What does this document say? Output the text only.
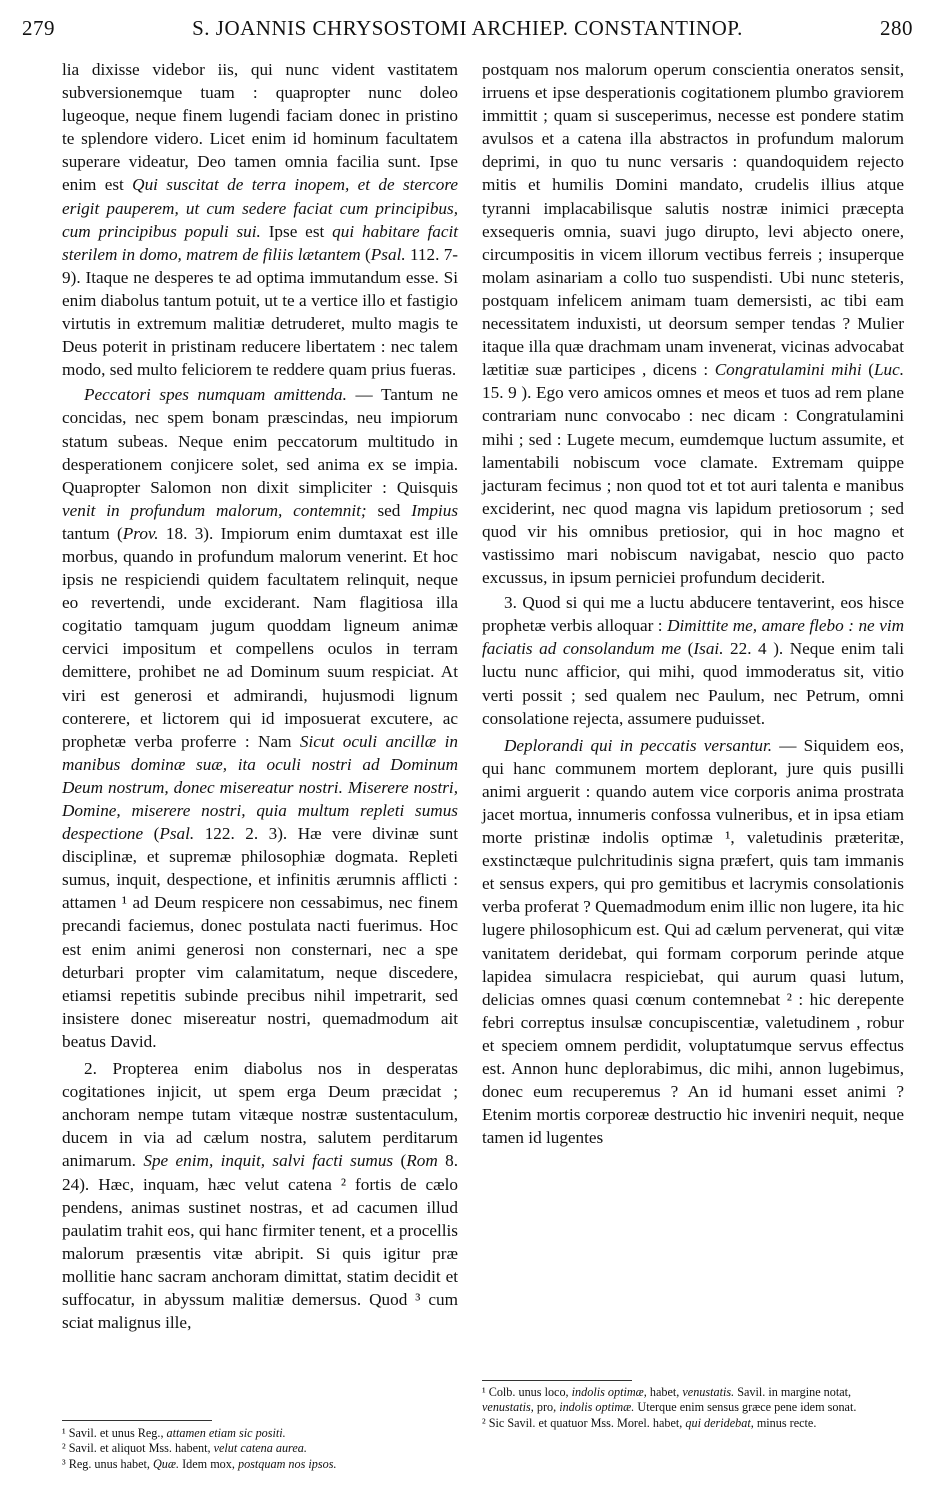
279	S. JOANNIS CHRYSOSTOMI ARCHIEP. CONSTANTINOP.	280

lia dixisse videbor iis, qui nunc vident vastitatem subversionemque tuam : quapropter nunc doleo lugeoque, neque finem lugendi faciam donec in pristino te splendore videro. Licet enim id hominum facultatem superare videatur, Deo tamen omnia facilia sunt. Ipse enim est Qui suscitat de terra inopem, et de stercore erigit pauperem, ut cum sedere faciat cum principibus, cum principibus populi sui. Ipse est qui habitare facit sterilem in domo, matrem de filiis lætantem (Psal. 112. 7-9). Itaque ne desperes te ad optima immutandum esse. Si enim diabolus tantum potuit, ut te a vertice illo et fastigio virtutis in extremum malitiæ detruderet, multo magis te Deus poterit in pristinam reducere libertatem : nec talem modo, sed multo feliciorem te reddere quam prius fueras.

Peccatori spes numquam amittenda. — Tantum ne concidas, nec spem bonam præscindas, neu impiorum statum subeas. Neque enim peccatorum multitudo in desperationem conjicere solet, sed anima ex se impia. Quapropter Salomon non dixit simpliciter : Quisquis venit in profundum malorum, contemnit; sed Impius tantum (Prov. 18. 3). Impiorum enim dumtaxat est ille morbus, quando in profundum malorum venerint. Et hoc ipsis ne respiciendi quidem facultatem relinquit, neque eo revertendi, unde exciderant. Nam flagitiosa illa cogitatio tamquam jugum quoddam ligneum animæ cervici impositum et compellens oculos in terram demittere, prohibet ne ad Dominum suum respiciat. At viri est generosi et admirandi, hujusmodi lignum conterere, et lictorem qui id imposuerat excutere, ac prophetæ verba proferre : Nam Sicut oculi ancillæ in manibus dominæ suæ, ita oculi nostri ad Dominum Deum nostrum, donec misereatur nostri. Miserere nostri, Domine, miserere nostri, quia multum repleti sumus despectione (Psal. 122. 2. 3). Hæ vere divinæ sunt disciplinæ, et supremæ philosophiæ dogmata. Repleti sumus, inquit, despectione, et infinitis ærumnis afflicti : attamen ¹ ad Deum respicere non cessabimus, nec finem precandi faciemus, donec postulata nacti fuerimus. Hoc est enim animi generosi non consternari, nec a spe deturbari propter vim calamitatum, neque discedere, etiamsi repetitis subinde precibus nihil impetrarit, sed insistere donec misereatur nostri, quemadmodum ait beatus David.

2. Propterea enim diabolus nos in desperatas cogitationes injicit, ut spem erga Deum præcidat ; anchoram nempe tutam vitæque nostræ sustentaculum, ducem in via ad cælum nostra, salutem perditarum animarum. Spe enim, inquit, salvi facti sumus (Rom 8. 24). Hæc, inquam, hæc velut catena ² fortis de cælo pendens, animas sustinet nostras, et ad cacumen illud paulatim trahit eos, qui hanc firmiter tenent, et a procellis malorum præsentis vitæ abripit. Si quis igitur præ mollitie hanc sacram anchoram dimittat, statim decidit et suffocatur, in abyssum malitiæ demersus. Quod ³ cum sciat malignus ille,

postquam nos malorum operum conscientia oneratos sensit, irruens et ipse desperationis cogitationem plumbo graviorem immittit ; quam si susceperimus, necesse est pondere statim avulsos et a catena illa abstractos in profundum malorum deprimi, in quo tu nunc versaris : quandoquidem rejecto mitis et humilis Domini mandato, crudelis illius atque tyranni implacabilisque salutis nostræ inimici præcepta exsequeris omnia, suavi jugo dirupto, levi abjecto onere, circumpositis in vicem illorum vectibus ferreis ; insuperque molam asinariam a collo tuo suspendisti. Ubi nunc steteris, postquam infelicem animam tuam demersisti, ac tibi eam necessitatem induxisti, ut deorsum semper tendas ? Mulier itaque illa quæ drachmam unam invenerat, vicinas advocabat lætitiæ suæ participes , dicens : Congratulamini mihi (Luc. 15. 9 ). Ego vero amicos omnes et meos et tuos ad rem plane contrariam nunc convocabo : nec dicam : Congratulamini mihi ; sed : Lugete mecum, eumdemque luctum assumite, et lamentabili nobiscum voce clamate. Extremam quippe jacturam fecimus ; non quod tot et tot auri talenta e manibus exciderint, nec quod magna vis lapidum pretiosorum ; sed quod vir his omnibus pretiosior, qui in hoc magno et vastissimo mari nobiscum navigabat, nescio quo pacto excussus, in ipsum perniciei profundum deciderit.

3. Quod si qui me a luctu abducere tentaverint, eos hisce prophetæ verbis alloquar : Dimittite me, amare flebo : ne vim faciatis ad consolandum me (Isai. 22. 4 ). Neque enim tali luctu nunc afficior, qui mihi, quod immoderatus sit, vitio verti possit ; sed qualem nec Paulum, nec Petrum, omni consolatione rejecta, assumere puduisset.

Deplorandi qui in peccatis versantur. — Siquidem eos, qui hanc communem mortem deplorant, jure quis pusilli animi arguerit : quando autem vice corporis anima prostrata jacet mortua, innumeris confossa vulneribus, et in ipsa etiam morte pristinæ indolis optimæ ¹, valetudinis præteritæ, exstinctæque pulchritudinis signa præfert, quis tam immanis et sensus expers, qui pro gemitibus et lacrymis consolationis verba proferat ? Quemadmodum enim illic non lugere, ita hic lugere philosophicum est. Qui ad cælum pervenerat, qui vitæ vanitatem deridebat, qui formam corporum perinde atque lapidea simulacra respiciebat, qui aurum quasi lutum, delicias omnes quasi cœnum contemnebat ² : hic derepente febri correptus insulsæ concupiscentiæ, valetudinem , robur et speciem omnem perdidit, voluptatumque servus effectus est. Annon hunc deplorabimus, dic mihi, annon lugebimus, donec eum recuperemus ? An id humani esset animi ? Etenim mortis corporeæ destructio hic inveniri nequit, neque tamen id lugentes

¹ Savil. et unus Reg., attamen etiam sic positi.
² Savil. et aliquot Mss. habent, velut catena aurea.
³ Reg. unus habet, Quæ. Idem mox, postquam nos ipsos.
¹ Colb. unus loco, indolis optimæ, habet, venustatis. Savil. in margine notat, venustatis, pro, indolis optimæ. Uterque enim sensus græce pene idem sonat.
² Sic Savil. et quatuor Mss. Morel. habet, qui deridebat, minus recte.
